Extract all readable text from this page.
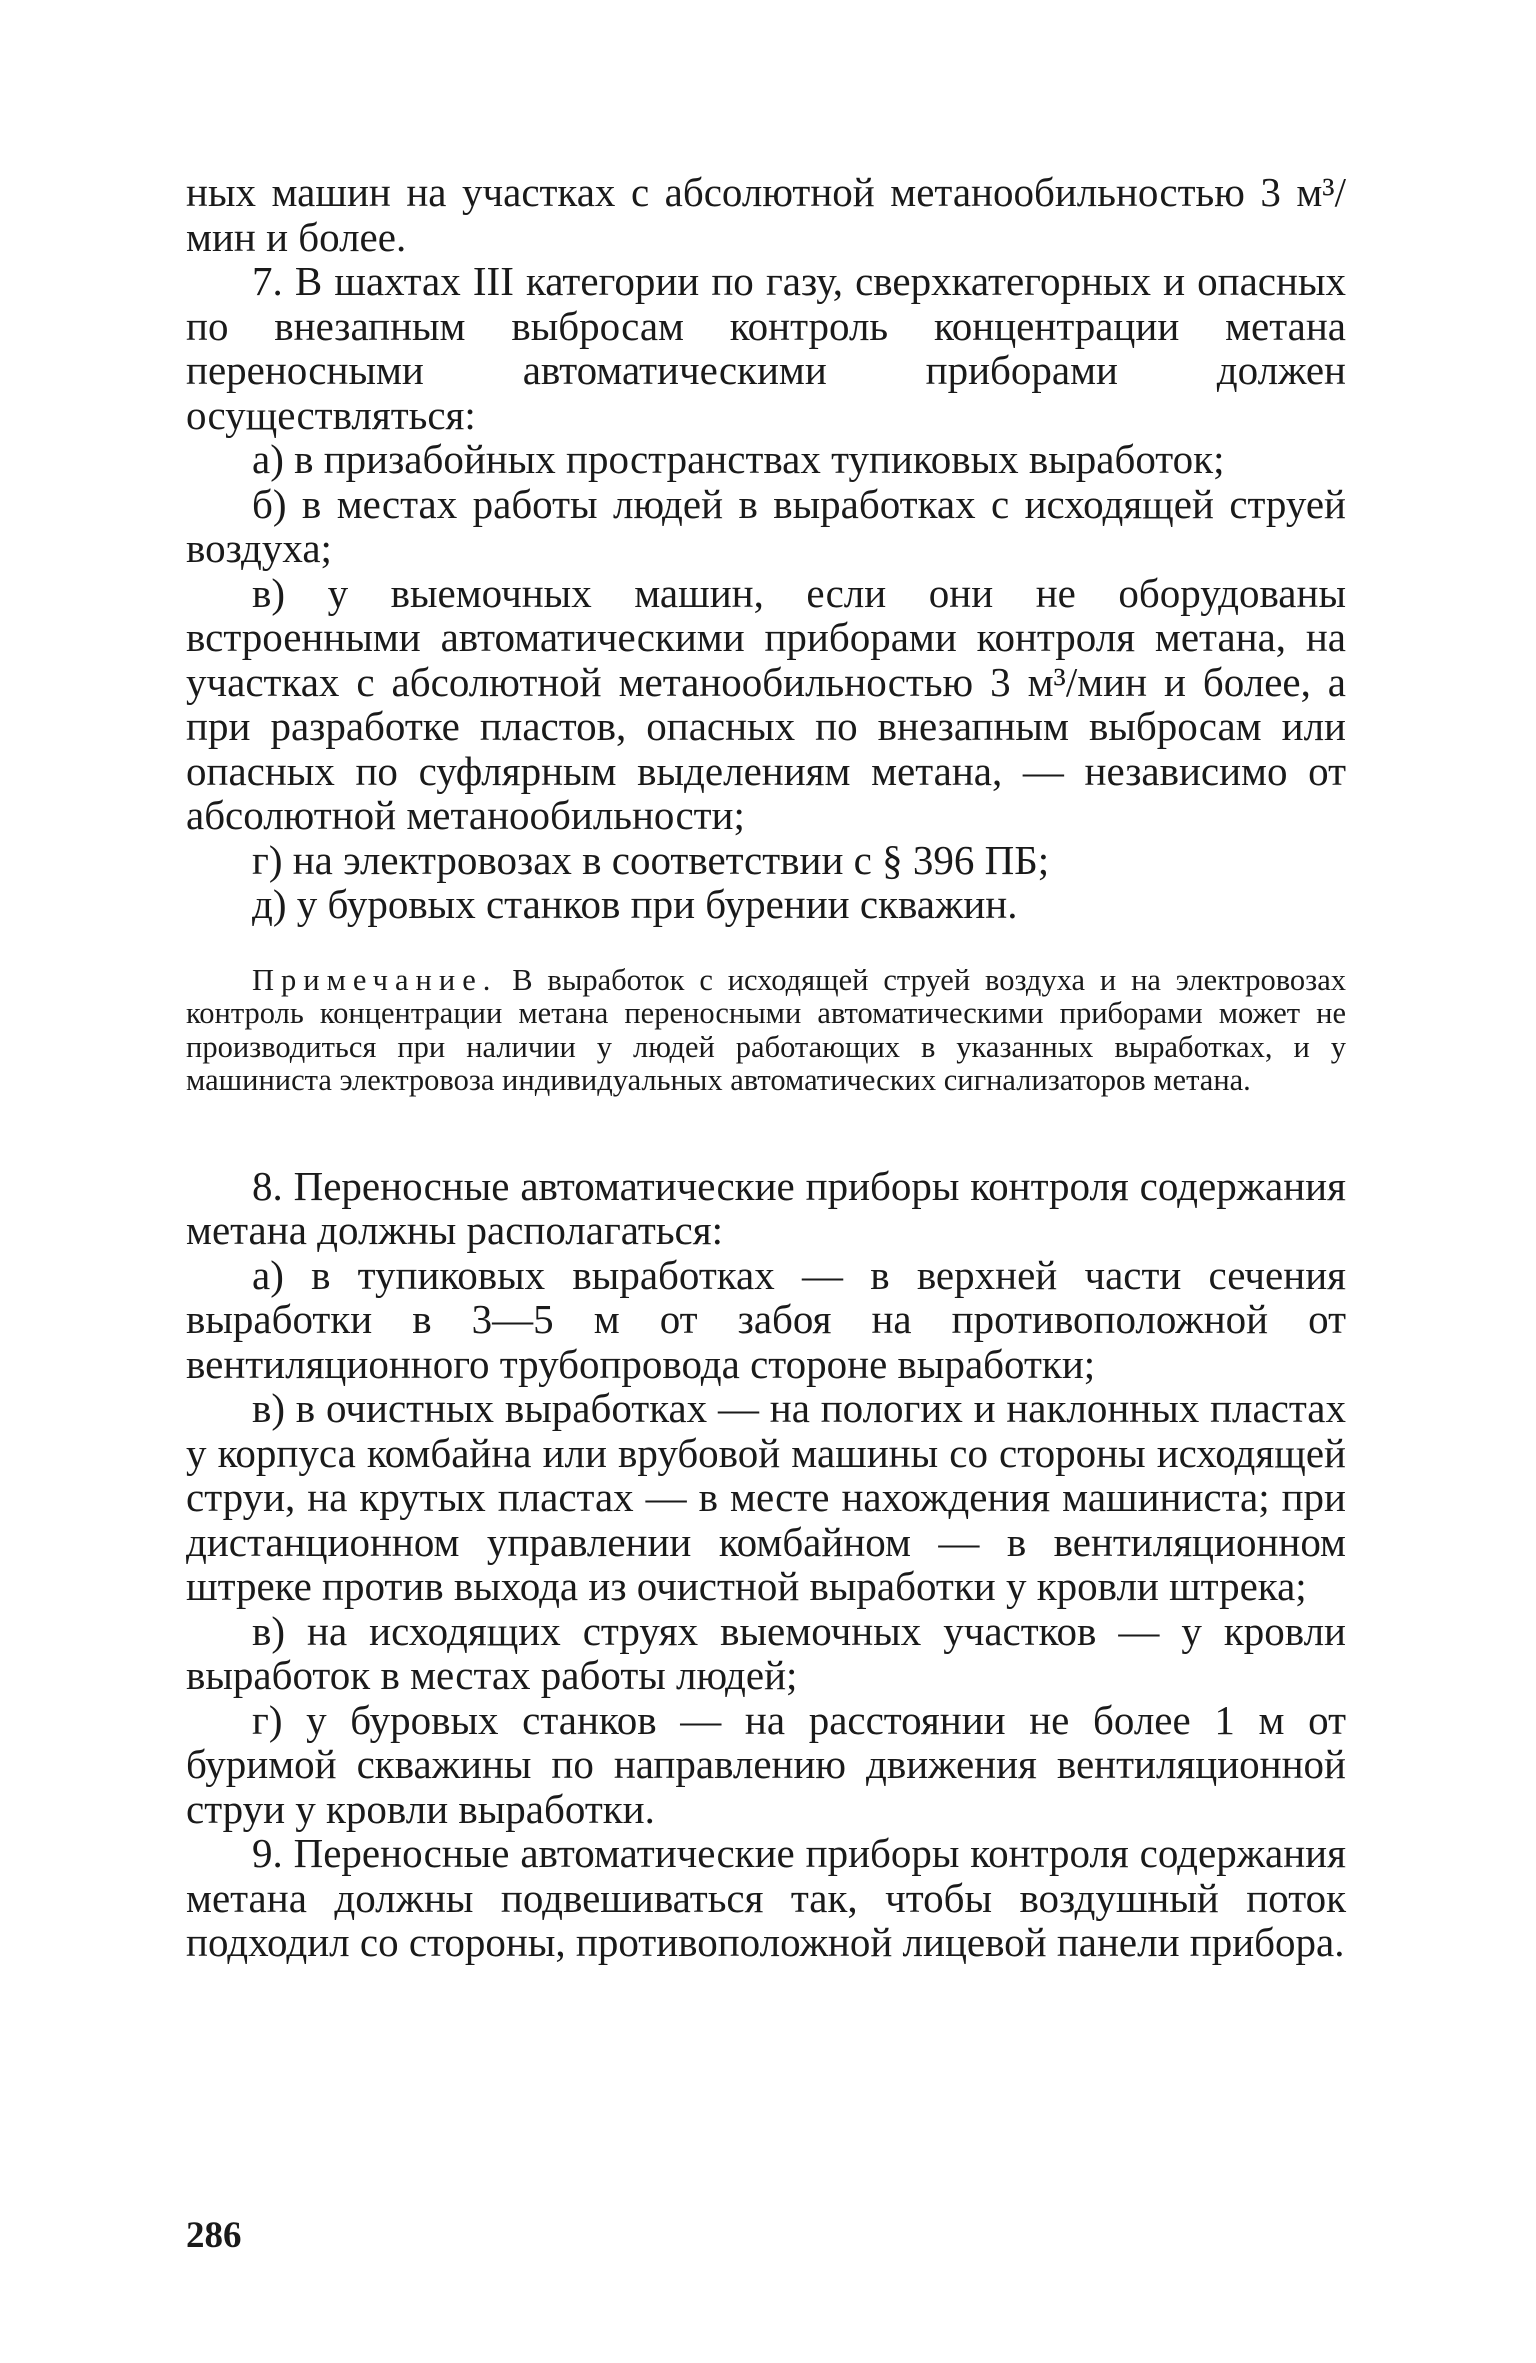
ных машин на участках с абсолютной метанообильностью 3 м³/мин и более.

7. В шахтах III категории по газу, сверхкатегорных и опасных по внезапным выбросам контроль концентрации метана переносными автоматическими приборами должен осуществляться:

а) в призабойных пространствах тупиковых выработок;

б) в местах работы людей в выработках с исходящей струей воздуха;

в) у выемочных машин, если они не оборудованы встроенными автоматическими приборами контроля метана, на участках с абсолютной метанообильностью 3 м³/мин и более, а при разработке пластов, опасных по внезапным выбросам или опасных по суфлярным выделениям метана, — независимо от абсолютной метанообильности;

г) на электровозах в соответствии с § 396 ПБ;

д) у буровых станков при бурении скважин.

Примечание. В выработок с исходящей струей воздуха и на электровозах контроль концентрации метана переносными автоматическими приборами может не производиться при наличии у людей работающих в указанных выработках, и у машиниста электровоза индивидуальных автоматических сигнализаторов метана.

8. Переносные автоматические приборы контроля содержания метана должны располагаться:

а) в тупиковых выработках — в верхней части сечения выработки в 3—5 м от забоя на противоположной от вентиляционного трубопровода стороне выработки;

в) в очистных выработках — на пологих и наклонных пластах у корпуса комбайна или врубовой машины со стороны исходящей струи, на крутых пластах — в месте нахождения машиниста; при дистанционном управлении комбайном — в вентиляционном штреке против выхода из очистной выработки у кровли штрека;

в) на исходящих струях выемочных участков — у кровли выработок в местах работы людей;

г) у буровых станков — на расстоянии не более 1 м от буримой скважины по направлению движения вентиляционной струи у кровли выработки.

9. Переносные автоматические приборы контроля содержания метана должны подвешиваться так, чтобы воздушный поток подходил со стороны, противоположной лицевой панели прибора.

286
